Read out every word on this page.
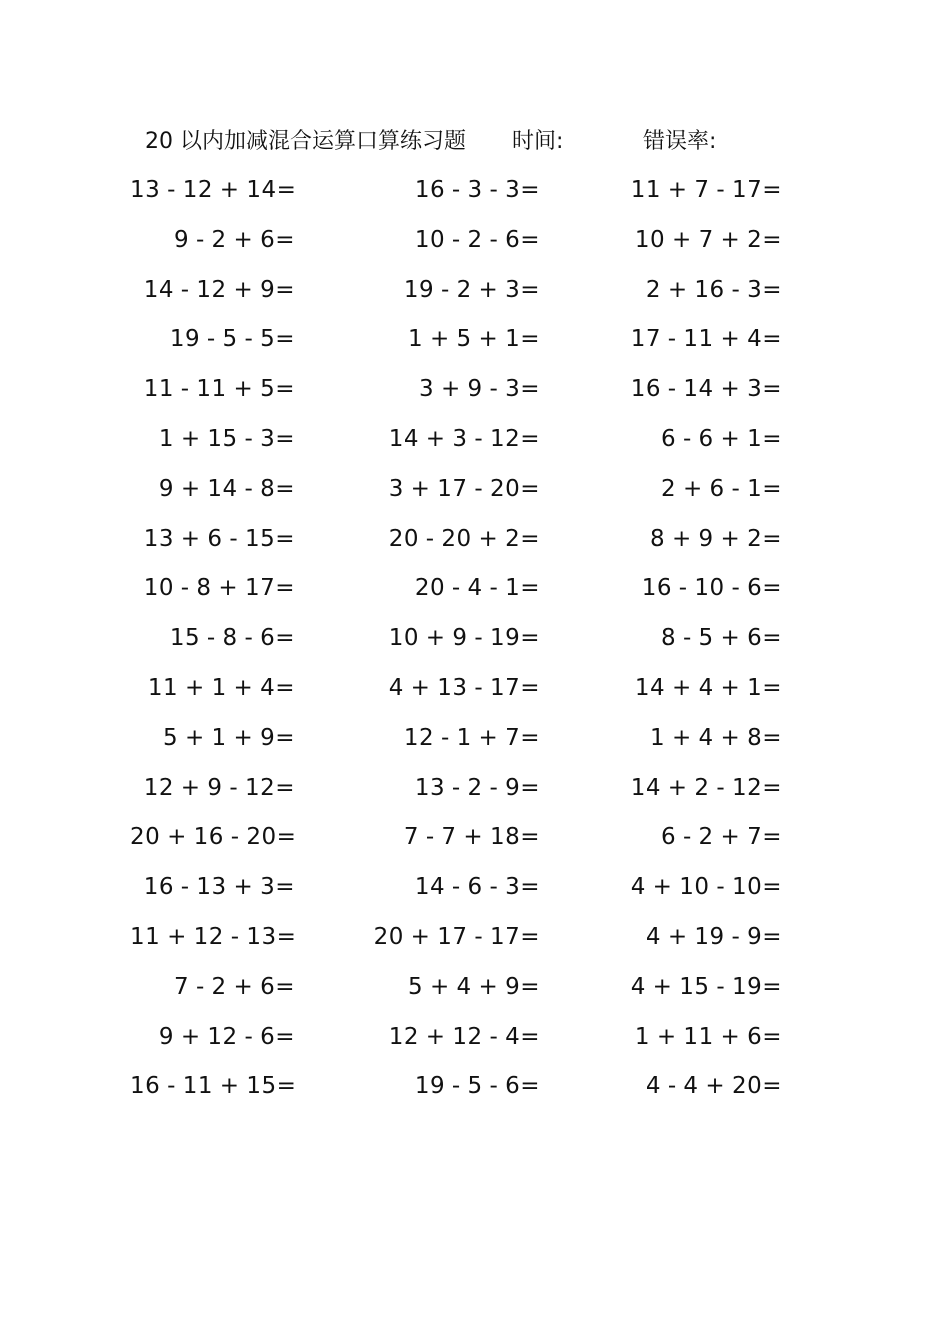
20 以内加减混合运算口算练习题 时间:	错误率:
13 - 12 + 14=	16 - 3 - 3=	11 + 7 - 17=
9 - 2 + 6=	10 - 2 - 6=	10 + 7 + 2=
14 - 12 + 9=	19 - 2 + 3=	2 + 16 - 3=
19 - 5 - 5=	1 + 5 + 1=	17 - 11 + 4=
11 - 11 + 5=	3 + 9 - 3=	16 - 14 + 3=
1 + 15 - 3=	14 + 3 - 12=	6 - 6 + 1=
9 + 14 - 8=	3 + 17 - 20=	2 + 6 - 1=
13 + 6 - 15=	20 - 20 + 2=	8 + 9 + 2=
10 - 8 + 17=	20 - 4 - 1=	16 - 10 - 6=
15 - 8 - 6=	10 + 9 - 19=	8 - 5 + 6=
11 + 1 + 4=	4 + 13 - 17=	14 + 4 + 1=
5 + 1 + 9=	12 - 1 + 7=	1 + 4 + 8=
12 + 9 - 12=	13 - 2 - 9=	14 + 2 - 12=
20 + 16 - 20=	7 - 7 + 18=	6 - 2 + 7=
16 - 13 + 3=	14 - 6 - 3=	4 + 10 - 10=
11 + 12 - 13=	20 + 17 - 17=	4 + 19 - 9=
7 - 2 + 6=	5 + 4 + 9=	4 + 15 - 19=
9 + 12 - 6=	12 + 12 - 4=	1 + 11 + 6=
16 - 11 + 15=	19 - 5 - 6=	4 - 4 + 20=
